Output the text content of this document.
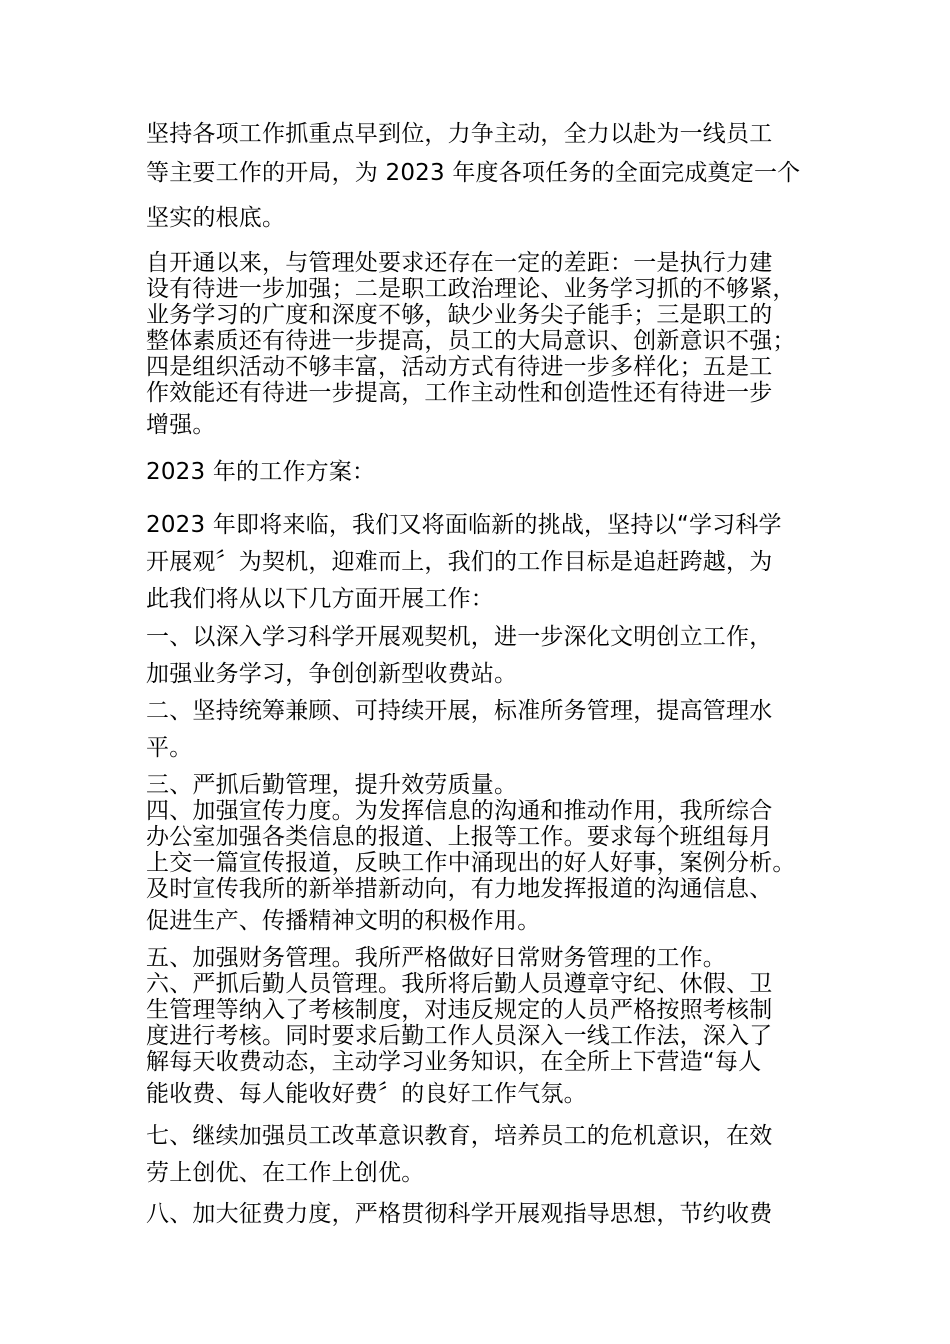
坚持各项工作抓重点早到位，力争主动，全力以赴为一线员工
等主要工作的开局，为 2023 年度各项任务的全面完成奠定一个
坚实的根底。
自开通以来，与管理处要求还存在一定的差距：一是执行力建
设有待进一步加强；二是职工政治理论、业务学习抓的不够紧，
业务学习的广度和深度不够，缺少业务尖子能手；三是职工的
整体素质还有待进一步提高，员工的大局意识、创新意识不强；
四是组织活动不够丰富，活动方式有待进一步多样化；五是工
作效能还有待进一步提高，工作主动性和创造性还有待进一步
增强。
2023 年的工作方案：
2023 年即将来临，我们又将面临新的挑战，坚持以“学习科学
开展观〞为契机，迎难而上，我们的工作目标是追赶跨越，为
此我们将从以下几方面开展工作：
一、以深入学习科学开展观契机，进一步深化文明创立工作，
加强业务学习，争创创新型收费站。
二、坚持统筹兼顾、可持续开展，标准所务管理，提高管理水
平。
三、严抓后勤管理，提升效劳质量。
四、加强宣传力度。为发挥信息的沟通和推动作用，我所综合
办公室加强各类信息的报道、上报等工作。要求每个班组每月
上交一篇宣传报道，反映工作中涌现出的好人好事，案例分析。
及时宣传我所的新举措新动向，有力地发挥报道的沟通信息、
促进生产、传播精神文明的积极作用。
五、加强财务管理。我所严格做好日常财务管理的工作。
六、严抓后勤人员管理。我所将后勤人员遵章守纪、休假、卫
生管理等纳入了考核制度，对违反规定的人员严格按照考核制
度进行考核。同时要求后勤工作人员深入一线工作法，深入了
解每天收费动态，主动学习业务知识，在全所上下营造“每人
能收费、每人能收好费〞的良好工作气氛。
七、继续加强员工改革意识教育，培养员工的危机意识，在效
劳上创优、在工作上创优。
八、加大征费力度，严格贯彻科学开展观指导思想，节约收费
